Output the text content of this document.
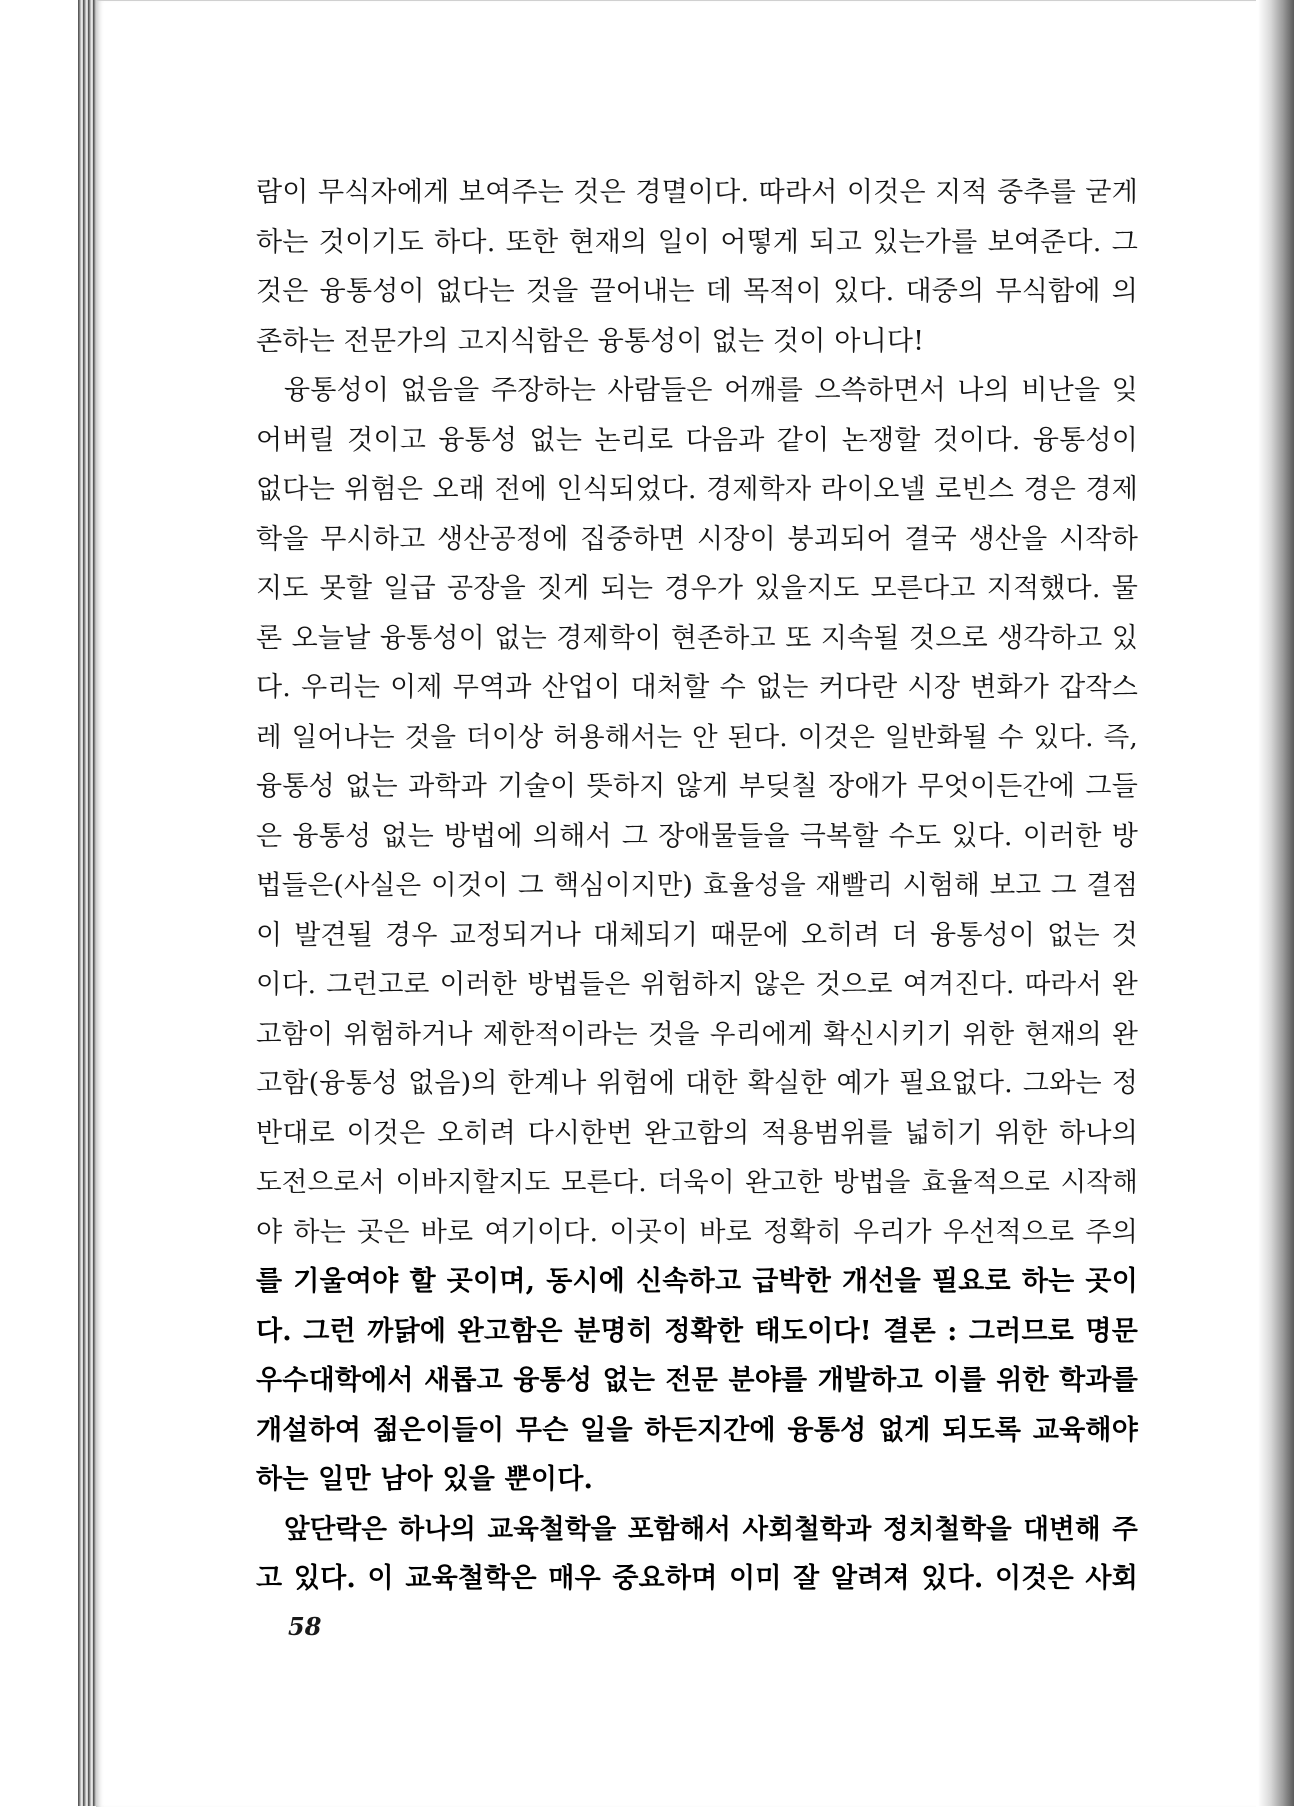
람이 무식자에게 보여주는 것은 경멸이다. 따라서 이것은 지적 중추를 굳게
하는 것이기도 하다. 또한 현재의 일이 어떻게 되고 있는가를 보여준다. 그
것은 융통성이 없다는 것을 끌어내는 데 목적이 있다. 대중의 무식함에 의
존하는 전문가의 고지식함은 융통성이 없는 것이 아니다!
융통성이 없음을 주장하는 사람들은 어깨를 으쓱하면서 나의 비난을 잊
어버릴 것이고 융통성 없는 논리로 다음과 같이 논쟁할 것이다. 융통성이
없다는 위험은 오래 전에 인식되었다. 경제학자 라이오넬 로빈스 경은 경제
학을 무시하고 생산공정에 집중하면 시장이 붕괴되어 결국 생산을 시작하
지도 못할 일급 공장을 짓게 되는 경우가 있을지도 모른다고 지적했다. 물
론 오늘날 융통성이 없는 경제학이 현존하고 또 지속될 것으로 생각하고 있
다. 우리는 이제 무역과 산업이 대처할 수 없는 커다란 시장 변화가 갑작스
레 일어나는 것을 더이상 허용해서는 안 된다. 이것은 일반화될 수 있다. 즉,
융통성 없는 과학과 기술이 뜻하지 않게 부딪칠 장애가 무엇이든간에 그들
은 융통성 없는 방법에 의해서 그 장애물들을 극복할 수도 있다. 이러한 방
법들은(사실은 이것이 그 핵심이지만) 효율성을 재빨리 시험해 보고 그 결점
이 발견될 경우 교정되거나 대체되기 때문에 오히려 더 융통성이 없는 것
이다. 그런고로 이러한 방법들은 위험하지 않은 것으로 여겨진다. 따라서 완
고함이 위험하거나 제한적이라는 것을 우리에게 확신시키기 위한 현재의 완
고함(융통성 없음)의 한계나 위험에 대한 확실한 예가 필요없다. 그와는 정
반대로 이것은 오히려 다시한번 완고함의 적용범위를 넓히기 위한 하나의
도전으로서 이바지할지도 모른다. 더욱이 완고한 방법을 효율적으로 시작해
야 하는 곳은 바로 여기이다. 이곳이 바로 정확히 우리가 우선적으로 주의
를 기울여야 할 곳이며, 동시에 신속하고 급박한 개선을 필요로 하는 곳이
다. 그런 까닭에 완고함은 분명히 정확한 태도이다! 결론 : 그러므로 명문
우수대학에서 새롭고 융통성 없는 전문 분야를 개발하고 이를 위한 학과를
개설하여 젊은이들이 무슨 일을 하든지간에 융통성 없게 되도록 교육해야
하는 일만 남아 있을 뿐이다.
앞단락은 하나의 교육철학을 포함해서 사회철학과 정치철학을 대변해 주
고 있다. 이 교육철학은 매우 중요하며 이미 잘 알려져 있다. 이것은 사회
58
